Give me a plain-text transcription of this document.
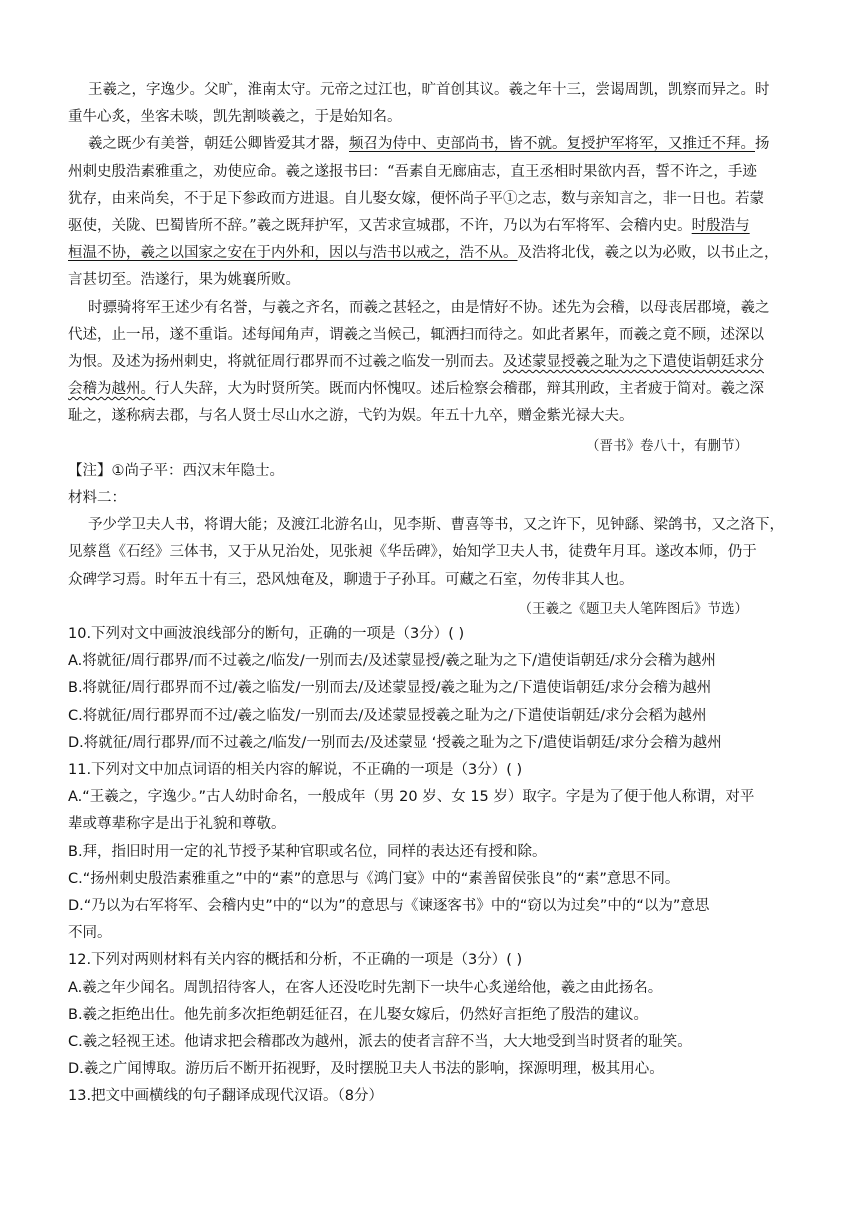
王羲之，字逸少。父旷，淮南太守。元帝之过江也，旷首创其议。羲之年十三，尝谒周凯，凯察而异之。时
重牛心炙，坐客未啖，凯先割啖羲之，于是始知名。
羲之既少有美誉，朝廷公卿皆爱其才器，频召为侍中、吏部尚书，皆不就。复授护军将军，又推迁不拜。扬
州刺史殷浩素雅重之，劝使应命。羲之遂报书曰：“吾素自无廊庙志，直王丞相时果欲内吾，誓不许之，手迹
犹存，由来尚矣，不于足下参政而方进退。自儿娶女嫁，便怀尚子平①之志，数与亲知言之，非一日也。若蒙
驱使，关陇、巴蜀皆所不辞。”羲之既拜护军，又苦求宣城郡，不许，乃以为右军将军、会稽内史。时殷浩与
桓温不协，羲之以国家之安在于内外和，因以与浩书以戒之，浩不从。及浩将北伐，羲之以为必败，以书止之，
言甚切至。浩遂行，果为姚襄所败。
时骠骑将军王述少有名誉，与羲之齐名，而羲之甚轻之，由是情好不协。述先为会稽，以母丧居郡境，羲之
代述，止一吊，遂不重诣。述每闻角声，谓羲之当候己，辄洒扫而待之。如此者累年，而羲之竟不顾，述深以
为恨。及述为扬州刺史，将就征周行郡界而不过羲之临发一别而去。及述蒙显授羲之耻为之下遣使诣朝廷求分
会稽为越州。行人失辞，大为时贤所笑。既而内怀愧叹。述后检察会稽郡，辩其刑政，主者疲于简对。羲之深
耻之，遂称病去郡，与名人贤士尽山水之游，弋钓为娱。年五十九卒，赠金紫光禄大夫。
（晋书》卷八十，有删节）
【注】①尚子平：西汉末年隐士。
材料二：
予少学卫夫人书，将谓大能；及渡江北游名山，见李斯、曹喜等书，又之许下，见钟繇、梁鸽书，又之洛下，
见蔡邕《石经》三体书，又于从兄治处，见张昶《华岳碑》，始知学卫夫人书，徒费年月耳。遂改本师，仍于
众碑学习焉。时年五十有三，恐风烛奄及，聊遗于子孙耳。可藏之石室，勿传非其人也。
（王羲之《题卫夫人笔阵图后》节选）
10.下列对文中画波浪线部分的断句，正确的一项是（3分）( )
A.将就征/周行郡界/而不过羲之/临发/一别而去/及述蒙显授/羲之耻为之下/遣使诣朝廷/求分会稽为越州
B.将就征/周行郡界而不过/羲之临发/一别而去/及述蒙显授/羲之耻为之/下遣使诣朝廷/求分会稽为越州
C.将就征/周行郡界而不过/羲之临发/一别而去/及述蒙显授羲之耻为之/下遣使诣朝廷/求分会稻为越州
D.将就征/周行郡界/而不过羲之/临发/一别而去/及述蒙显 ‘授羲之耻为之下/遣使诣朝廷/求分会稽为越州
11.下列对文中加点词语的相关内容的解说，不正确的一项是（3分）( )
A.“王羲之，字逸少。”古人幼时命名，一般成年（男 20 岁、女 15 岁）取字。字是为了便于他人称谓，对平
辈或尊辈称字是出于礼貌和尊敬。
B.拜，指旧时用一定的礼节授予某种官职或名位，同样的表达还有授和除。
C.“扬州刺史殷浩素雅重之”中的“素”的意思与《鸿门宴》中的“素善留侯张良”的“素”意思不同。
D.“乃以为右军将军、会稽内史”中的“以为”的意思与《谏逐客书》中的“窃以为过矣”中的“以为”意思
不同。
12.下列对两则材料有关内容的概括和分析，不正确的一项是（3分）( )
A.羲之年少闻名。周凯招待客人，在客人还没吃时先割下一块牛心炙递给他，羲之由此扬名。
B.羲之拒绝出仕。他先前多次拒绝朝廷征召，在儿娶女嫁后，仍然好言拒绝了殷浩的建议。
C.羲之轻视王述。他请求把会稽郡改为越州，派去的使者言辞不当，大大地受到当时贤者的耻笑。
D.羲之广闻博取。游历后不断开拓视野，及时摆脱卫夫人书法的影响，探源明理，极其用心。
13.把文中画横线的句子翻译成现代汉语。（8分）
